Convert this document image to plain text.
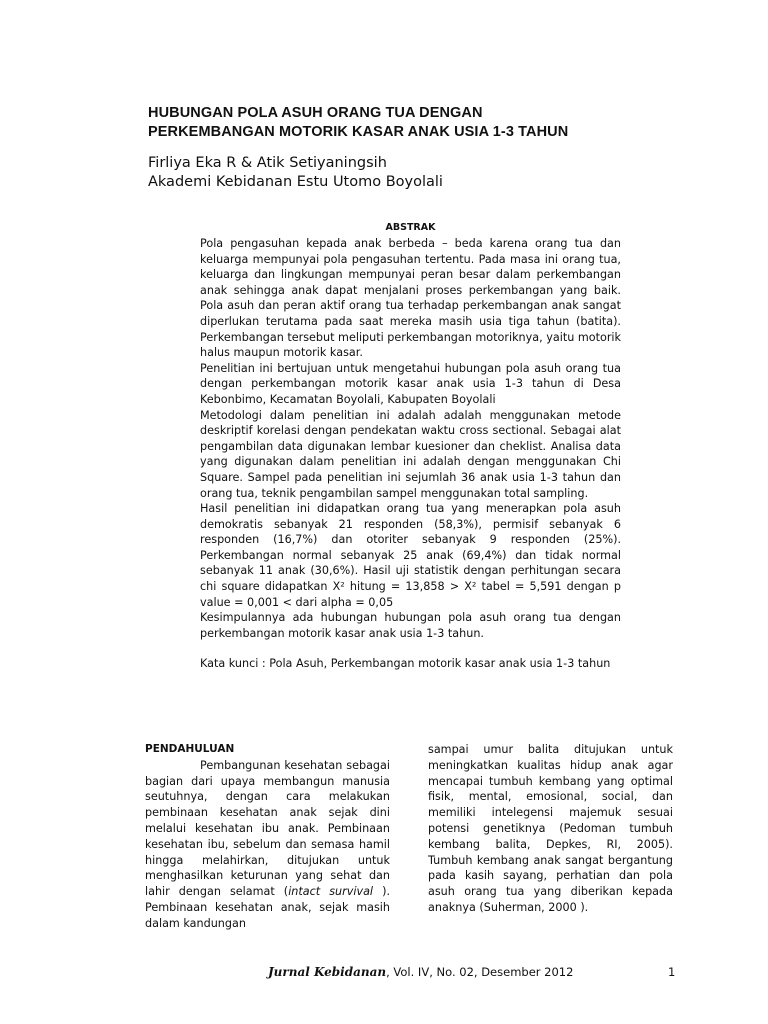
HUBUNGAN POLA ASUH ORANG TUA DENGAN
PERKEMBANGAN MOTORIK KASAR ANAK USIA 1-3 TAHUN
Firliya Eka R & Atik Setiyaningsih
Akademi Kebidanan Estu Utomo Boyolali
ABSTRAK

Pola pengasuhan kepada anak berbeda – beda karena orang tua dan keluarga mempunyai pola pengasuhan tertentu. Pada masa ini orang tua, keluarga dan lingkungan mempunyai peran besar dalam perkembangan anak sehingga anak dapat menjalani proses perkembangan yang baik. Pola asuh dan peran aktif orang tua terhadap perkembangan anak sangat diperlukan terutama pada saat mereka masih usia tiga tahun (batita). Perkembangan tersebut meliputi perkembangan motoriknya, yaitu motorik halus maupun motorik kasar.

Penelitian ini bertujuan untuk mengetahui hubungan pola asuh orang tua dengan perkembangan motorik kasar anak usia 1-3 tahun di Desa Kebonbimo, Kecamatan Boyolali, Kabupaten Boyolali

Metodologi dalam penelitian ini adalah adalah menggunakan metode deskriptif korelasi dengan pendekatan waktu cross sectional. Sebagai alat pengambilan data digunakan lembar kuesioner dan cheklist. Analisa data yang digunakan dalam penelitian ini adalah dengan menggunakan Chi Square. Sampel pada penelitian ini sejumlah 36 anak usia 1-3 tahun dan orang tua, teknik pengambilan sampel menggunakan total sampling.

Hasil penelitian ini didapatkan orang tua yang menerapkan pola asuh demokratis sebanyak 21 responden (58,3%), permisif sebanyak 6 responden (16,7%) dan otoriter sebanyak 9 responden (25%). Perkembangan normal sebanyak 25 anak (69,4%) dan tidak normal sebanyak 11 anak (30,6%). Hasil uji statistik dengan perhitungan secara chi square didapatkan X² hitung = 13,858 > X² tabel = 5,591 dengan p value = 0,001 < dari alpha = 0,05

Kesimpulannya ada hubungan hubungan pola asuh orang tua dengan perkembangan motorik kasar anak usia 1-3 tahun.

Kata kunci : Pola Asuh, Perkembangan motorik kasar anak usia 1-3 tahun

PENDAHULUAN

Pembangunan kesehatan sebagai bagian dari upaya membangun manusia seutuhnya, dengan cara melakukan pembinaan kesehatan anak sejak dini melalui kesehatan ibu anak. Pembinaan kesehatan ibu, sebelum dan semasa hamil hingga melahirkan, ditujukan untuk menghasilkan keturunan yang sehat dan lahir dengan selamat (intact survival ). Pembinaan kesehatan anak, sejak masih dalam kandungan

sampai umur balita ditujukan untuk meningkatkan kualitas hidup anak agar mencapai tumbuh kembang yang optimal fisik, mental, emosional, social, dan memiliki intelegensi majemuk sesuai potensi genetiknya (Pedoman tumbuh kembang balita, Depkes, RI, 2005). Tumbuh kembang anak sangat bergantung pada kasih sayang, perhatian dan pola asuh orang tua yang diberikan kepada anaknya (Suherman, 2000 ).

Jurnal Kebidanan, Vol. IV, No. 02, Desember 2012	1
